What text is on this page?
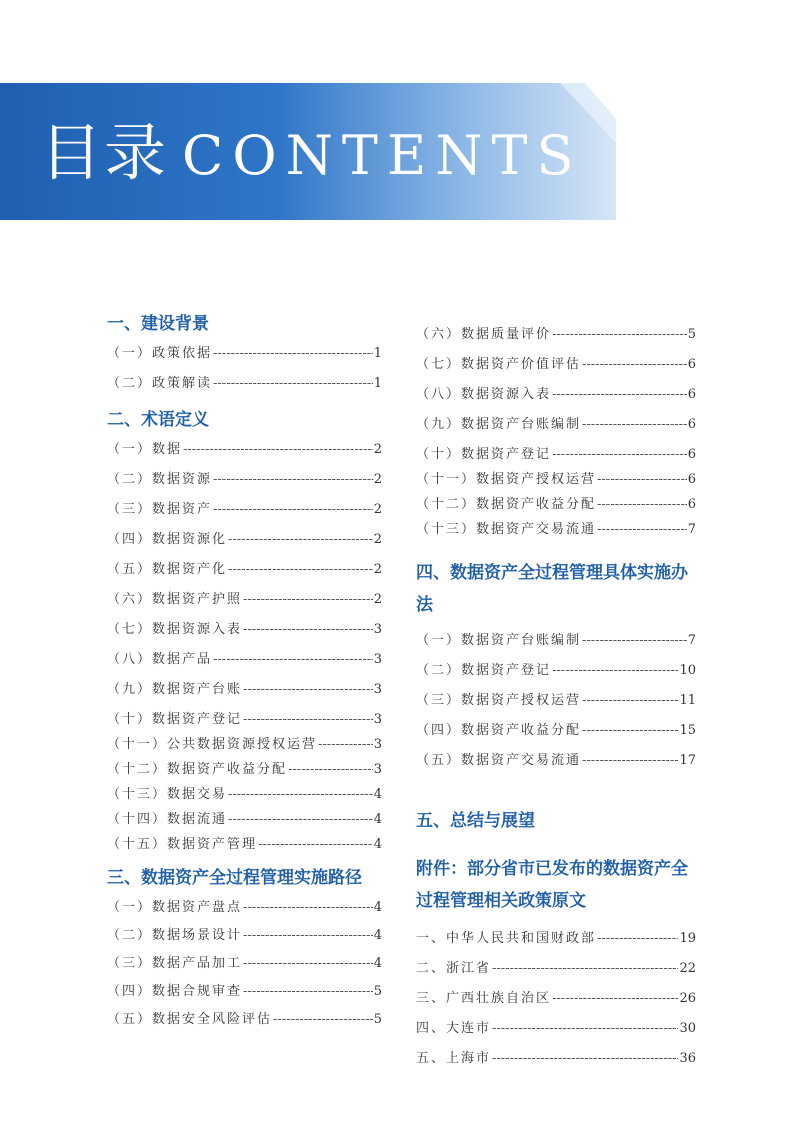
目录 CONTENTS
一、建设背景
（一）政策依据 -----	1
（二）政策解读 -----	1
二、术语定义
（一）数据 -----	2
（二）数据资源 -----	2
（三）数据资产 -----	2
（四）数据资源化 -----	2
（五）数据资产化 -----	2
（六）数据资产护照 -----	2
（七）数据资源入表 -----	3
（八）数据产品 -----	3
（九）数据资产台账 -----	3
（十）数据资产登记 -----	3
（十一）公共数据资源授权运营 -----	3
（十二）数据资产收益分配 -----	3
（十三）数据交易 -----	4
（十四）数据流通 -----	4
（十五）数据资产管理 -----	4
三、数据资产全过程管理实施路径
（一）数据资产盘点 -----	4
（二）数据场景设计 -----	4
（三）数据产品加工 -----	4
（四）数据合规审查 -----	5
（五）数据安全风险评估 -----	5
（六）数据质量评价 -----	5
（七）数据资产价值评估 -----	6
（八）数据资源入表 -----	6
（九）数据资产台账编制 -----	6
（十）数据资产登记 -----	6
（十一）数据资产授权运营 -----	6
（十二）数据资产收益分配 -----	6
（十三）数据资产交易流通 -----	7
四、数据资产全过程管理具体实施办法
（一）数据资产台账编制 -----	7
（二）数据资产登记 -----	10
（三）数据资产授权运营 -----	11
（四）数据资产收益分配 -----	15
（五）数据资产交易流通 -----	17
五、总结与展望
附件：部分省市已发布的数据资产全过程管理相关政策原文
一、中华人民共和国财政部 -----	19
二、浙江省 -----	22
三、广西壮族自治区 -----	26
四、大连市 -----	30
五、上海市 -----	36
